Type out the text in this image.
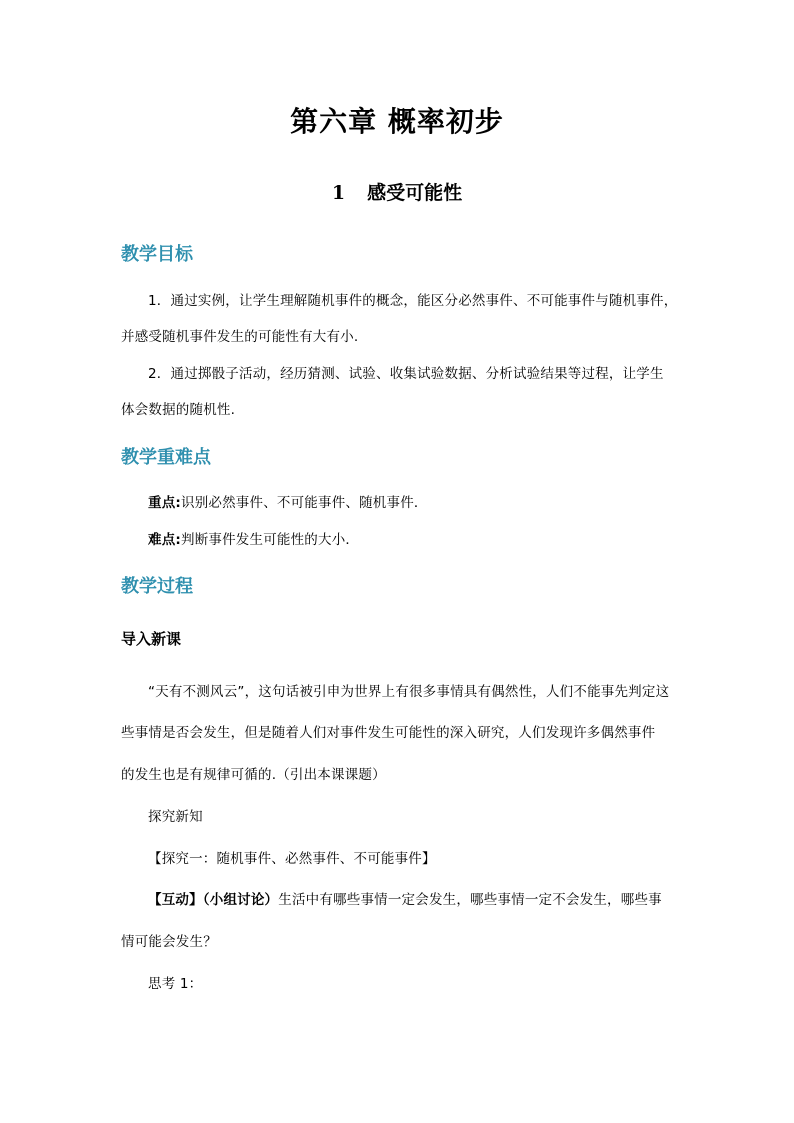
第六章 概率初步
1 感受可能性
教学目标
1．通过实例，让学生理解随机事件的概念，能区分必然事件、不可能事件与随机事件，
并感受随机事件发生的可能性有大有小.
2．通过掷骰子活动，经历猜测、试验、收集试验数据、分析试验结果等过程，让学生
体会数据的随机性.
教学重难点
重点:识别必然事件、不可能事件、随机事件．
难点:判断事件发生可能性的大小．
教学过程
导入新课
“天有不测风云”，这句话被引申为世界上有很多事情具有偶然性，人们不能事先判定这
些事情是否会发生，但是随着人们对事件发生可能性的深入研究，人们发现许多偶然事件
的发生也是有规律可循的.（引出本课课题）
探究新知
【探究一：随机事件、必然事件、不可能事件】
【互动】（小组讨论）生活中有哪些事情一定会发生，哪些事情一定不会发生，哪些事
情可能会发生？
思考 1：
